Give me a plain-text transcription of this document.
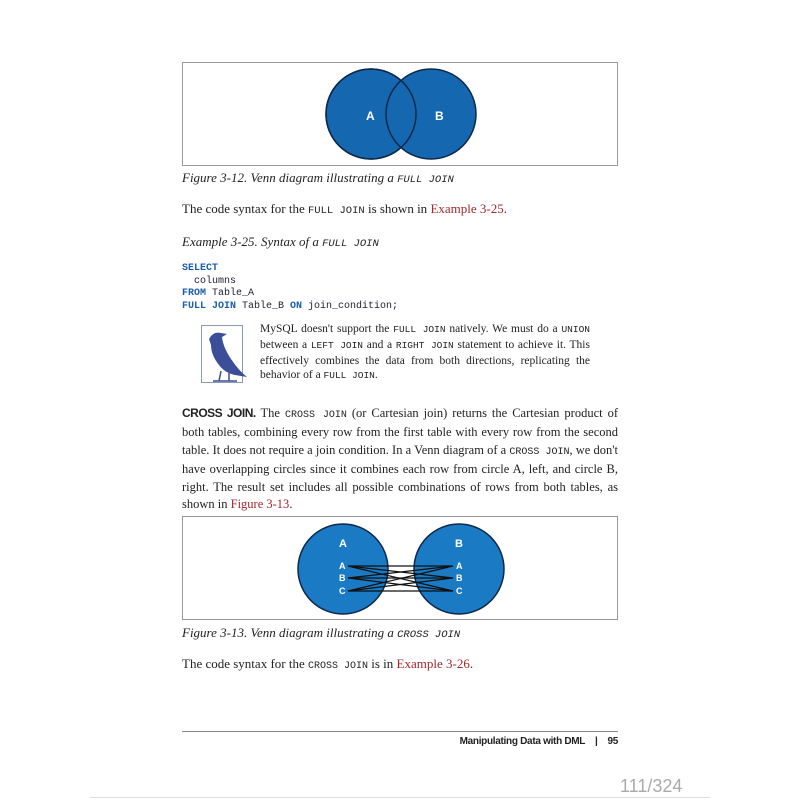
A	B
Figure 3-12. Venn diagram illustrating a FULL JOIN
The code syntax for the FULL JOIN is shown in Example 3-25.
Example 3-25. Syntax of a FULL JOIN
SELECT
columns
FROM Table_A
FULL JOIN Table_B ON join_condition;
MySQL doesn't support the FULL JOIN natively. We must do a UNION between a LEFT JOIN and a RIGHT JOIN statement to achieve it. This effectively combines the data from both directions, replicating the behavior of a FULL JOIN.
CROSS JOIN. The CROSS JOIN (or Cartesian join) returns the Cartesian product of both tables, combining every row from the first table with every row from the second table. It does not require a join condition. In a Venn diagram of a CROSS JOIN, we don't have overlapping circles since it combines each row from circle A, left, and circle B, right. The result set includes all possible combinations of rows from both tables, as shown in Figure 3-13.
A	B
A
B
C
A
B
C
Figure 3-13. Venn diagram illustrating a CROSS JOIN
The code syntax for the CROSS JOIN is in Example 3-26.
Manipulating Data with DML | 95
111/324
